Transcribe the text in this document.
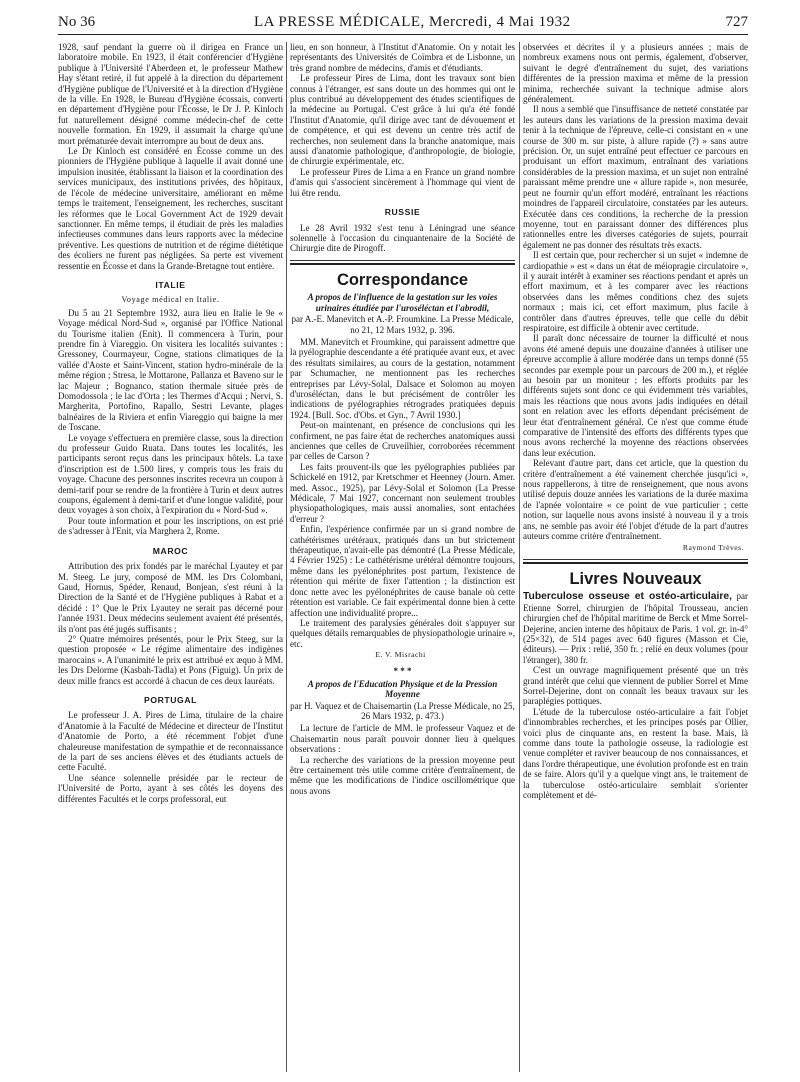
No 36	LA PRESSE MÉDICALE, Mercredi, 4 Mai 1932	727

1928, sauf pendant la guerre où il dirigea en France un laboratoire mobile. En 1923, il était conférencier d'Hygiène publique à l'Université l'Aberdeen et, le professeur Mathew Hay s'étant retiré, il fut appelé à la direction du département d'Hygiène publique de l'Université et à la direction d'Hygiène de la ville. En 1928, le Bureau d'Hygiène écossais, converti en département d'Hygiène pour l'Écosse, le Dr J. P. Kinloch fut naturellement désigné comme médecin-chef de cette nouvelle formation. En 1929, il assumait la charge qu'une mort prématurée devait interrompre au bout de deux ans.

Le Dr Kinloch est considéré en Écosse comme un des pionniers de l'Hygiène publique à laquelle il avait donné une impulsion inusitée, établissant la liaison et la coordination des services municipaux, des institutions privées, des hôpitaux, de l'école de médecine universitaire, améliorant en même temps le traitement, l'enseignement, les recherches, suscitant les réformes que le Local Government Act de 1929 devait sanctionner. En même temps, il étudiait de près les maladies infectieuses communes dans leurs rapports avec la médecine préventive. Les questions de nutrition et de régime diététique des écoliers ne furent pas négligées. Sa perte est vivement ressentie en Écosse et dans la Grande-Bretagne tout entière.

ITALIE
Voyage médical en Italie.

Du 5 au 21 Septembre 1932, aura lieu en Italie le 9e « Voyage médical Nord-Sud », organisé par l'Office National du Tourisme italien (Enit). Il commencera à Turin, pour prendre fin à Viareggio. On visitera les localités suivantes : Gressoney, Courmayeur, Cogne, stations climatiques de la vallée d'Aoste et Saint-Vincent, station hydro-minérale de la même région ; Stresa, le Mottarone, Pallanza et Baveno sur le lac Majeur ; Bognanco, station thermale située près de Domodossola ; le lac d'Orta ; les Thermes d'Acqui ; Nervi, S. Margherita, Portofino, Rapallo, Sestri Levante, plages balnéaires de la Riviera et enfin Viareggio qui baigne la mer de Toscane.

Le voyage s'effectuera en première classe, sous la direction du professeur Guido Ruata. Dans toutes les localités, les participants seront reçus dans les principaux hôtels. La taxe d'inscription est de 1.500 lires, y compris tous les frais du voyage. Chacune des personnes inscrites recevra un coupon à demi-tarif pour se rendre de la frontière à Turin et deux autres coupons, également à demi-tarif et d'une longue validité, pour deux voyages à son choix, à l'expiration du « Nord-Sud ».

Pour toute information et pour les inscriptions, on est prié de s'adresser à l'Enit, via Marghera 2, Rome.

MAROC

Attribution des prix fondés par le maréchal Lyautey et par M. Steeg. Le jury, composé de MM. les Drs Colombani, Gaud, Hornus, Spéder, Renaud, Bonjean, s'est réuni à la Direction de la Santé et de l'Hygiène publiques à Rabat et a décidé : 1° Que le Prix Lyautey ne serait pas décerné pour l'année 1931. Deux médecins seulement avaient été présentés, ils n'ont pas été jugés suffisants ;

2° Quatre mémoires présentés, pour le Prix Steeg, sur la question proposée « Le régime alimentaire des indigènes marocains ». A l'unanimité le prix est attribué ex æquo à MM. les Drs Delorme (Kasbah-Tadla) et Pons (Figuig). Un prix de deux mille francs est accordé à chacun de ces deux lauréats.

PORTUGAL

Le professeur J. A. Pires de Lima, titulaire de la chaire d'Anatomie à la Faculté de Médecine et directeur de l'Institut d'Anatomie de Porto, a été récemment l'objet d'une chaleureuse manifestation de sympathie et de reconnaissance de la part de ses anciens élèves et des étudiants actuels de cette Faculté.

Une séance solennelle présidée par le recteur de l'Université de Porto, ayant à ses côtés les doyens des différentes Facultés et le corps professoral, eut

lieu, en son honneur, à l'Institut d'Anatomie. On y notait les représentants des Universités de Coïmbra et de Lisbonne, un très grand nombre de médecins, d'amis et d'étudiants.

Le professeur Pires de Lima, dont les travaux sont bien connus à l'étranger, est sans doute un des hommes qui ont le plus contribué au développement des études scientifiques de la médecine au Portugal. C'est grâce à lui qu'a été fondé l'Institut d'Anatomie, qu'il dirige avec tant de dévouement et de compétence, et qui est devenu un centre très actif de recherches, non seulement dans la branche anatomique, mais aussi d'anatomie pathologique, d'anthropologie, de biologie, de chirurgie expérimentale, etc.

Le professeur Pires de Lima a en France un grand nombre d'amis qui s'associent sincèrement à l'hommage qui vient de lui être rendu.

RUSSIE

Le 28 Avril 1932 s'est tenu à Léningrad une séance solennelle à l'occasion du cinquantenaire de la Société de Chirurgie dite de Pirogoff.

Correspondance
A propos de l'influence de la gestation sur les voies urinaires étudiée par l'uroséléctan et l'abrodil,
par A.-E. Manevitch et A.-P. Froumkine. La Presse Médicale, no 21, 12 Mars 1932, p. 396.

MM. Manevitch et Froumkine, qui paraissent admettre que la pyélographie descendante a été pratiquée avant eux, et avec des résultats similaires, au cours de la gestation, notamment par Schumacher, ne mentionnent pas les recherches entreprises par Lévy-Solal, Dalsace et Solomon au moyen d'uroséléctan, dans le but précisément de contrôler les indications de pyélographies rétrogrades pratiquées depuis 1924. [Bull. Soc. d'Obs. et Gyn., 7 Avril 1930.]

Peut-on maintenant, en présence de conclusions qui les confirment, ne pas faire état de recherches anatomiques aussi anciennes que celles de Cruveilhier, corroborées récemment par celles de Carson ?

Les faits prouvent-ils que les pyélographies publiées par Schickelé en 1912, par Kretschmer et Heenney (Journ. Amer. med. Assoc., 1925), par Lévy-Solal et Solomon (La Presse Médicale, 7 Mai 1927, concernant non seulement troubles physiopathologiques, mais aussi anomalies, sont entachées d'erreur ?

Enfin, l'expérience confirmée par un si grand nombre de cathétérismes urétéraux, pratiqués dans un but strictement thérapeutique, n'avait-elle pas démontré (La Presse Médicale, 4 Février 1925) : Le cathétérisme urétéral démontre toujours, même dans les pyélonéphrites post partum, l'existence de rétention qui mérite de fixer l'attention ; la distinction est donc nette avec les pyélonéphrites de cause banale où cette rétention est variable. Ce fait expérimental donne bien à cette affection une individualité propre...

Le traitement des paralysies générales doit s'appuyer sur quelques détails remarquables de physiopathologie urinaire », etc.

E. V. Misrachi
* * *
A propos de l'Education Physique et de la Pression Moyenne
par H. Vaquez et de Chaisemartin (La Presse Médicale, no 25, 26 Mars 1932, p. 473.)

La lecture de l'article de MM. le professeur Vaquez et de Chaisemartin nous paraît pouvoir donner lieu à quelques observations :

La recherche des variations de la pression moyenne peut être certainement très utile comme critère d'entraînement, de même que les modifications de l'indice oscillométrique que nous avons

observées et décrites il y a plusieurs années ; mais de nombreux examens nous ont permis, également, d'observer, suivant le degré d'entraînement du sujet, des variations différentes de la pression maxima et même de la pression minima, recherchée suivant la technique admise alors généralement.

Il nous a semblé que l'insuffisance de netteté constatée par les auteurs dans les variations de la pression maxima devait tenir à la technique de l'épreuve, celle-ci consistant en « une course de 300 m. sur piste, à allure rapide (?) » sans autre précision. Or, un sujet entraîné peut effectuer ce parcours en produisant un effort maximum, entraînant des variations considérables de la pression maxima, et un sujet non entraîné paraissant même prendre une « allure rapide », non mesurée, peut ne fournir qu'un effort modéré, entraînant les réactions moindres de l'appareil circulatoire, constatées par les auteurs. Exécutée dans ces conditions, la recherche de la pression moyenne, tout en paraissant donner des différences plus rationnelles entre les diverses catégories de sujets, pourrait également ne pas donner des résultats très exacts.

Il est certain que, pour rechercher si un sujet « indemne de cardiopathie » est « dans un état de méiopragie circulatoire », il y aurait intérêt à examiner ses réactions pendant et après un effort maximum, et à les comparer avec les réactions observées dans les mêmes conditions chez des sujets normaux ; mais ici, cet effort maximum, plus facile à contrôler dans d'autres épreuves, telle que celle du débit respiratoire, est difficile à obtenir avec certitude.

Il paraît donc nécessaire de tourner la difficulté et nous avons été amené depuis une douzaine d'années à utiliser une épreuve accomplie à allure modérée dans un temps donné (55 secondes par exemple pour un parcours de 200 m.), et réglée au besoin par un moniteur ; les efforts produits par les différents sujets sont donc ce qui évidemment très variables, mais les réactions que nous avons jadis indiquées en détail sont en relation avec les efforts dépendant précisément de leur état d'entraînement général. Ce n'est que comme étude comparative de l'intensité des efforts des différents types que nous avons recherché la moyenne des réactions observées dans leur exécution.

Relevant d'autre part, dans cet article, que la question du critère d'entraînement a été vainement cherchée jusqu'ici », nous rappellerons, à titre de renseignement, que nous avons utilisé depuis douze années les variations de la durée maxima de l'apnée volontaire « ce point de vue particulier ; cette notion, sur laquelle nous avons insisté à nouveau il y a trois ans, ne semble pas avoir été l'objet d'étude de la part d'autres auteurs comme critère d'entraînement.

Raymond Trèves.
Livres Nouveaux

Tuberculose osseuse et ostéo-articulaire, par Etienne Sorrel, chirurgien de l'hôpital Trousseau, ancien chirurgien chef de l'hôpital maritime de Berck et Mme Sorrel-Dejerine, ancien interne des hôpitaux de Paris. 1 vol. gr. in-4° (25×32), de 514 pages avec 640 figures (Masson et Cie, éditeurs). — Prix : relié, 350 fr. ; relié en deux volumes (pour l'étranger), 380 fr.

C'est un ouvrage magnifiquement présenté que un très grand intérêt que celui que viennent de publier Sorrel et Mme Sorrel-Dejerine, dont on connaît les beaux travaux sur les paraplégies pottiques.

L'étude de la tuberculose ostéo-articulaire a fait l'objet d'innombrables recherches, et les principes posés par Ollier, voici plus de cinquante ans, en restent la base. Mais, là comme dans toute la pathologie osseuse, la radiologie est venue compléter et raviver beaucoup de nos connaissances, et dans l'ordre thérapeutique, une évolution profonde est en train de se faire. Alors qu'il y a quelque vingt ans, le traitement de la tuberculose ostéo-articulaire semblait s'orienter complètement et dé-
